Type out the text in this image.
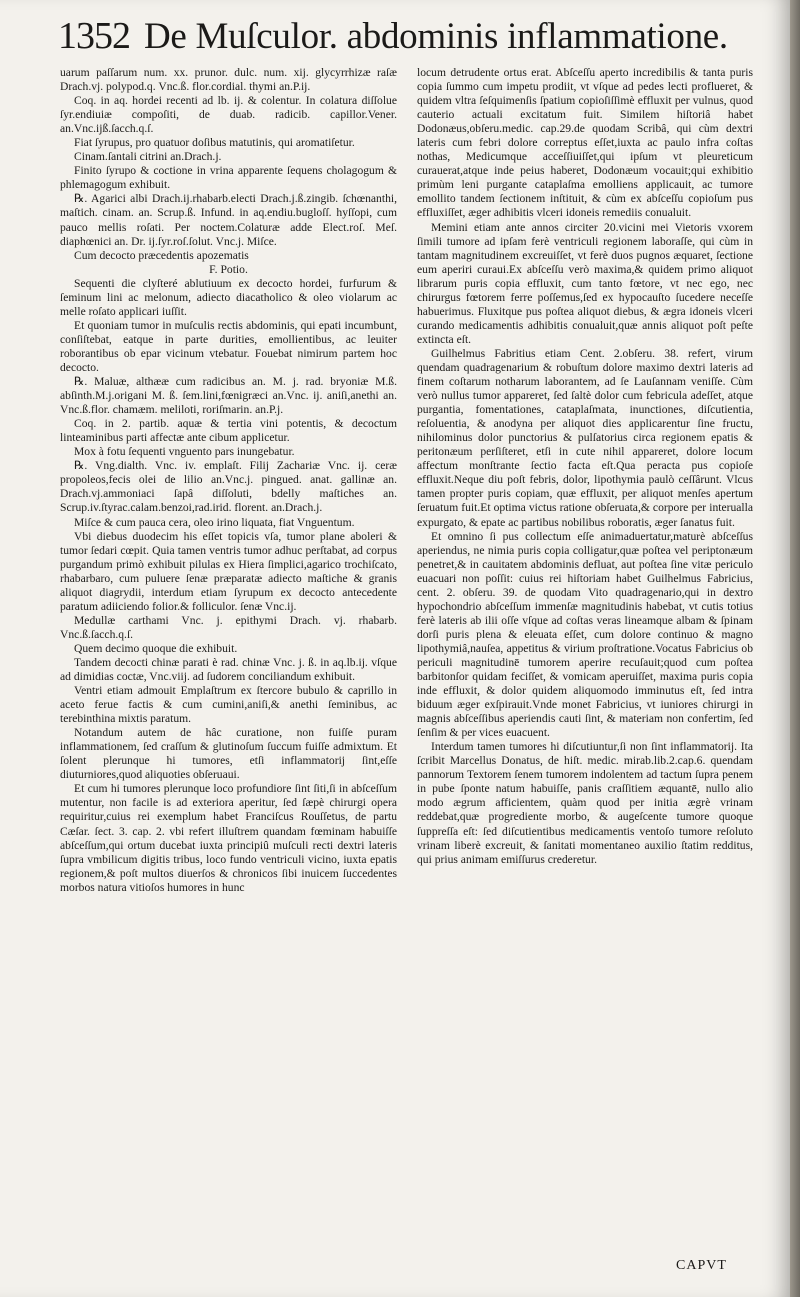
1352 De Muſculor. abdominis inflammatione.

uarum paſſarum num. xx. prunor. dulc. num. xij. glycyrrhizæ raſæ Drach.vj. polypod.q. Vnc.ß. flor.cordial. thymi an.P.ij.

Coq. in aq. hordei recenti ad lb. ij. & colentur. In colatura diſſolue ſyr.endiuiæ compoſiti, de duab. radicib. capillor.Vener. an.Vnc.ijß.ſacch.q.ſ.

Fiat ſyrupus, pro quatuor doſibus matutinis, qui aromatiſetur.

Cinam.ſantali citrini an.Drach.j.

Finito ſyrupo & coctione in vrina apparente ſequens cholagogum & phlemagogum exhibuit.

℞. Agarici albi Drach.ij.rhabarb.electi Drach.j.ß.zingib. ſchœnanthi, maſtich. cinam. an. Scrup.ß. Infund. in aq.endiu.bugloſſ. hyſſopi, cum pauco mellis roſati. Per noctem.Colaturæ adde Elect.roſ. Meſ. diaphœnici an. Dr. ij.ſyr.roſ.ſolut. Vnc.j. Miſce.

Cum decocto præcedentis apozematis

F. Potio.

Sequenti die clyſteré ablutiuum ex decocto hordei, furfurum & ſeminum lini ac melonum, adiecto diacatholico & oleo violarum ac melle roſato applicari iuſſit.

Et quoniam tumor in muſculis rectis abdominis, qui epati incumbunt, conſiſtebat, eatque in parte durities, emollientibus, ac leuiter roborantibus ob epar vicinum vtebatur. Fouebat nimirum partem hoc decocto.

℞. Maluæ, althææ cum radicibus an. M. j. rad. bryoniæ M.ß. abſinth.M.j.origani M. ß. ſem.lini,fœnigræci an.Vnc. ij. aniſi,anethi an. Vnc.ß.flor. chamæm. meliloti, roriſmarin. an.P.j.

Coq. in 2. partib. aquæ & tertia vini potentis, & decoctum linteaminibus parti affectæ ante cibum applicetur.

Mox à fotu ſequenti vnguento pars inungebatur.

℞. Vng.dialth. Vnc. iv. emplaſt. Filij Zachariæ Vnc. ij. ceræ propoleos,fecis olei de lilio an.Vnc.j. pingued. anat. gallinæ an. Drach.vj.ammoniaci ſapâ diſſoluti, bdelly maſtiches an. Scrup.iv.ſtyrac.calam.benzoi,rad.irid. florent. an.Drach.j.

Miſce & cum pauca cera, oleo irino liquata, fiat Vnguentum.

Vbi diebus duodecim his eſſet topicis vſa, tumor plane aboleri & tumor ſedari cœpit. Quia tamen ventris tumor adhuc perſtabat, ad corpus purgandum primò exhibuit pilulas ex Hiera ſimplici,agarico trochiſcato, rhabarbaro, cum puluere ſenæ præparatæ adiecto maſtiche & granis aliquot diagrydii, interdum etiam ſyrupum ex decocto antecedente paratum adiiciendo folior.& folliculor. ſenæ Vnc.ij.

Medullæ carthami Vnc. j. epithymi Drach. vj. rhabarb. Vnc.ß.ſacch.q.ſ.

Quem decimo quoque die exhibuit.

Tandem decocti chinæ parati è rad. chinæ Vnc. j. ß. in aq.lb.ij. vſque ad dimidias coctæ, Vnc.viij. ad ſudorem conciliandum exhibuit.

Ventri etiam admouit Emplaſtrum ex ſtercore bubulo & caprillo in aceto ferue factis & cum cumini,aniſi,& anethi ſeminibus, ac terebinthina mixtis paratum.

Notandum autem de hâc curatione, non fuiſſe puram inflammationem, ſed craſſum & glutinoſum ſuccum fuiſſe admixtum. Et ſolent plerunque hi tumores, etſi inflammatorij ſint,eſſe diuturniores,quod aliquoties obſeruaui.

Et cum hi tumores plerunque loco profundiore ſint ſiti,ſi in abſceſſum mutentur, non facile is ad exteriora aperitur, ſed ſæpè chirurgi opera requiritur,cuius rei exemplum habet Franciſcus Rouſſetus, de partu Cæſar. ſect. 3. cap. 2. vbi refert illuſtrem quandam fœminam habuiſſe abſceſſum,qui ortum ducebat iuxta principiû muſculi recti dextri lateris ſupra vmbilicum digitis tribus, loco fundo ventriculi vicino, iuxta epatis regionem,& poſt multos diuerſos & chronicos ſibi inuicem ſuccedentes morbos natura vitioſos humores in hunc

locum detrudente ortus erat. Abſceſſu aperto incredibilis & tanta puris copia ſummo cum impetu prodiit, vt vſque ad pedes lecti proflueret, & quidem vltra ſeſquimenſis ſpatium copioſiſſimè effluxit per vulnus, quod cauterio actuali excitatum fuit. Similem hiſtoriâ habet Dodonæus,obſeru.medic. cap.29.de quodam Scribâ, qui cùm dextri lateris cum febri dolore correptus eſſet,iuxta ac paulo infra coſtas nothas, Medicumque acceſſiuiſſet,qui ipſum vt pleureticum curauerat,atque inde peius haberet, Dodonæum vocauit;qui exhibitio primùm leni purgante cataplaſma emolliens applicauit, ac tumore emollito tandem ſectionem inſtituit, & cùm ex abſceſſu copioſum pus effluxiſſet, æger adhibitis vlceri idoneis remediis conualuit.

Memini etiam ante annos circiter 20.vicini mei Vietoris vxorem ſimili tumore ad ipſam ferè ventriculi regionem laboraſſe, qui cùm in tantam magnitudinem excreuiſſet, vt ferè duos pugnos æquaret, ſectione eum aperiri curaui.Ex abſceſſu verò maxima,& quidem primo aliquot librarum puris copia effluxit, cum tanto fœtore, vt nec ego, nec chirurgus fœtorem ferre poſſemus,ſed ex hypocauſto ſucedere neceſſe habuerimus. Fluxitque pus poſtea aliquot diebus, & ægra idoneis vlceri curando medicamentis adhibitis conualuit,quæ annis aliquot poſt peſte extincta eſt.

Guilhelmus Fabritius etiam Cent. 2.obſeru. 38. refert, virum quendam quadragenarium & robuſtum dolore maximo dextri lateris ad finem coſtarum notharum laborantem, ad ſe Lauſannam veniſſe. Cùm verò nullus tumor appareret, ſed ſaltè dolor cum febricula adeſſet, atque purgantia, fomentationes, cataplaſmata, inunctiones, diſcutientia, reſoluentia, & anodyna per aliquot dies applicarentur ſine fructu, nihilominus dolor punctorius & pulſatorius circa regionem epatis & peritonæum perſiſteret, etſi in cute nihil appareret, dolore locum affectum monſtrante ſectio facta eſt.Qua peracta pus copioſe effluxit.Neque diu poſt febris, dolor, lipothymia paulò ceſſârunt. Vlcus tamen propter puris copiam, quæ effluxit, per aliquot menſes apertum ſeruatum fuit.Et optima victus ratione obſeruata,& corpore per interualla expurgato, & epate ac partibus nobilibus roboratis, æger ſanatus fuit.

Et omnino ſi pus collectum eſſe animaduertatur,maturè abſceſſus aperiendus, ne nimia puris copia colligatur,quæ poſtea vel periptonæum penetret,& in cauitatem abdominis defluat, aut poſtea ſine vitæ periculo euacuari non poſſit: cuius rei hiſtoriam habet Guilhelmus Fabricius, cent. 2. obſeru. 39. de quodam Vito quadragenario,qui in dextro hypochondrio abſceſſum immenſæ magnitudinis habebat, vt cutis totius ferè lateris ab ilii oſſe vſque ad coſtas veras lineamque albam & ſpinam dorſi puris plena & eleuata eſſet, cum dolore continuo & magno lipothymiâ,nauſea, appetitus & virium proſtratione.Vocatus Fabricius ob periculi magnitudinē tumorem aperire recuſauit;quod cum poſtea barbitonſor quidam feciſſet, & vomicam aperuiſſet, maxima puris copia inde effluxit, & dolor quidem aliquomodo imminutus eſt, ſed intra biduum æger exſpirauit.Vnde monet Fabricius, vt iuniores chirurgi in magnis abſceſſibus aperiendis cauti ſint, & materiam non confertim, ſed ſenſim & per vices euacuent.

Interdum tamen tumores hi diſcutiuntur,ſi non ſint inflammatorij. Ita ſcribit Marcellus Donatus, de hiſt. medic. mirab.lib.2.cap.6. quendam pannorum Textorem ſenem tumorem indolentem ad tactum ſupra penem in pube ſponte natum habuiſſe, panis craſſitiem æquantē, nullo alio modo ægrum afficientem, quàm quod per initia ægrè vrinam reddebat,quæ progrediente morbo, & augeſcente tumore quoque ſuppreſſa eſt: ſed diſcutientibus medicamentis ventoſo tumore reſoluto vrinam liberè excreuit, & ſanitati momentaneo auxilio ſtatim redditus, qui prius animam emiſſurus crederetur.

CAPVT
